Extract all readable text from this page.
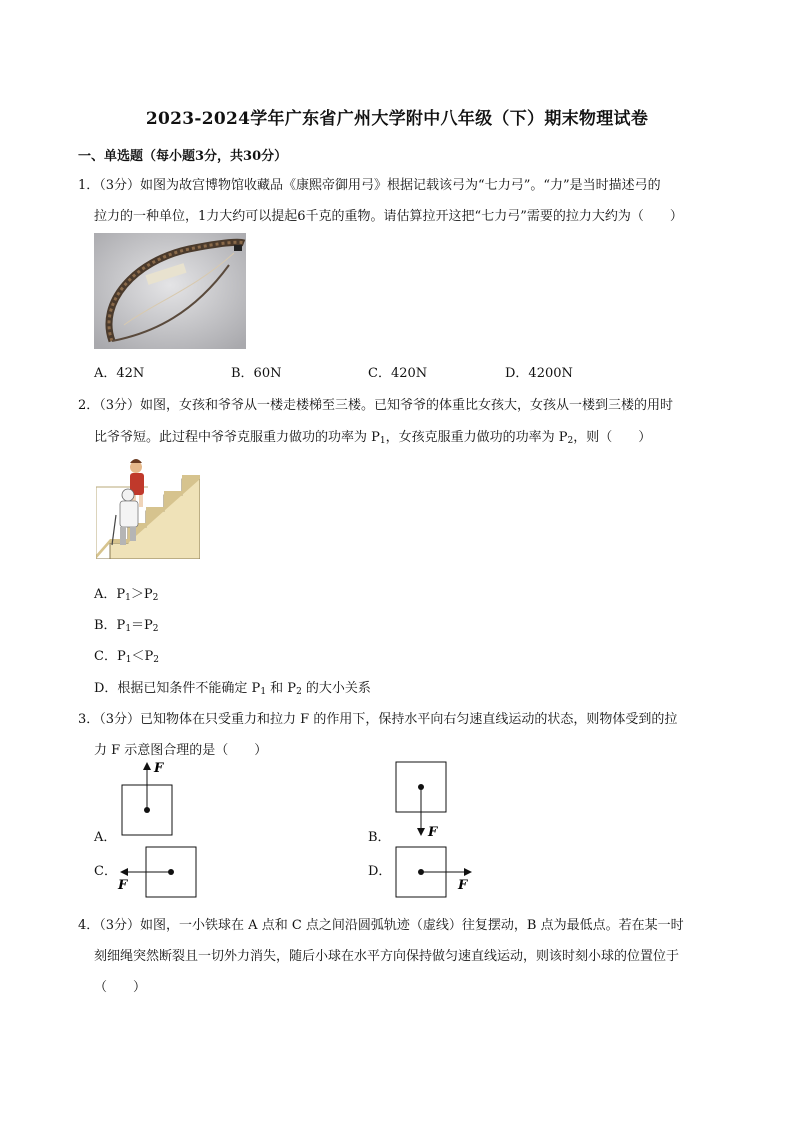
2023-2024学年广东省广州大学附中八年级（下）期末物理试卷
一、单选题（每小题3分，共30分）
1．（3分）如图为故宫博物馆收藏品《康熙帝御用弓》根据记载该弓为“七力弓”。“力”是当时描述弓的
拉力的一种单位，1力大约可以提起6千克的重物。请估算拉开这把“七力弓”需要的拉力大约为（　　）
A．42N	B．60N	C．420N	D．4200N
2．（3分）如图，女孩和爷爷从一楼走楼梯至三楼。已知爷爷的体重比女孩大，女孩从一楼到三楼的用时
比爷爷短。此过程中爷爷克服重力做功的功率为 $P_1$，女孩克服重力做功的功率为 $P_2$，则（　　）
A．$P_1>P_2$
B．$P_1=P_2$
C．$P_1<P_2$
D．根据已知条件不能确定 $P_1$ 和 $P_2$ 的大小关系
3．（3分）已知物体在只受重力和拉力 F 的作用下，保持水平向右匀速直线运动的状态，则物体受到的拉
力 F 示意图合理的是（　　）
A．
F
B．	F
C．
F
D．
F
4．（3分）如图，一小铁球在 A 点和 C 点之间沿圆弧轨迹（虚线）往复摆动，B 点为最低点。若在某一时
刻细绳突然断裂且一切外力消失，随后小球在水平方向保持做匀速直线运动，则该时刻小球的位置位于
（　　）
